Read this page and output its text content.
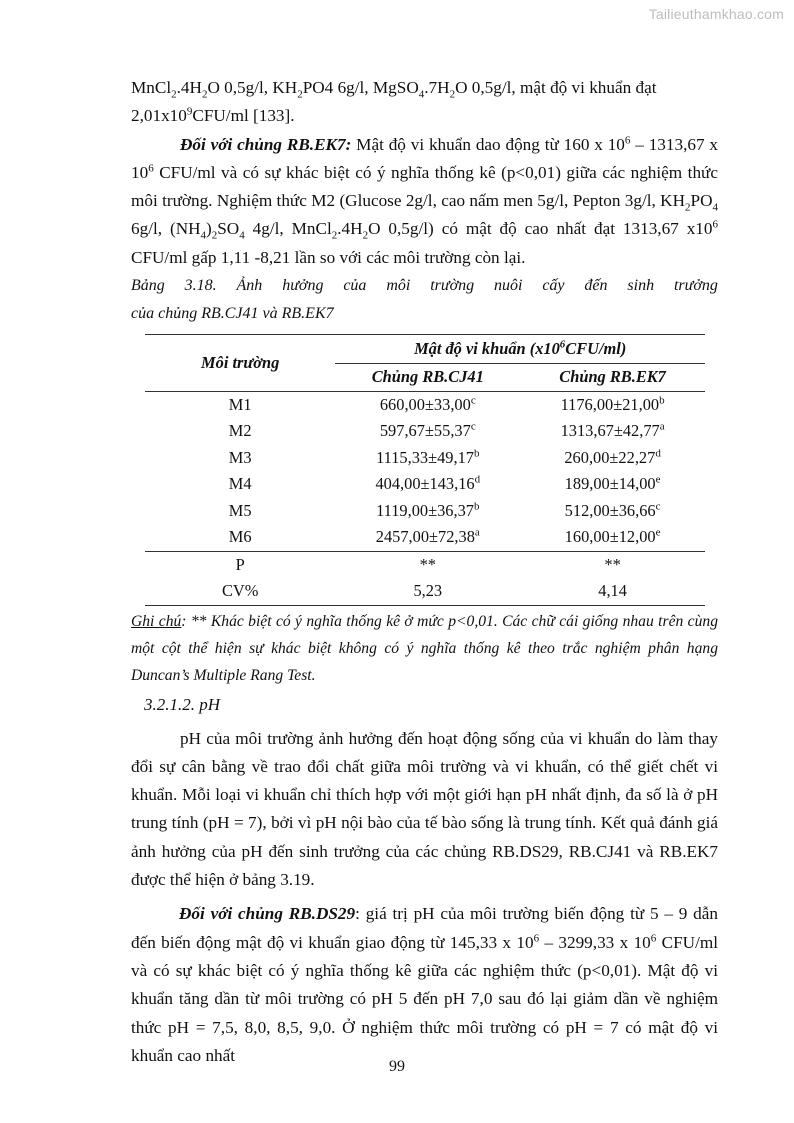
Tailieuthamkhao.com

$MnCl_2.4H_2O$ 0,5g/l, $KH_2PO4$ 6g/l, $MgSO_4.7H_2O$ 0,5g/l, mật độ vi khuẩn đạt
$2,01x10^9CFU/ml$ [133].

Đối với chủng RB.EK7: Mật độ vi khuẩn dao động từ 160 x $10^6 - 1313,67$ x $10^6$ CFU/ml và có sự khác biệt có ý nghĩa thống kê (p<0,01) giữa các nghiệm thức môi trường. Nghiệm thức M2 (Glucose 2g/l, cao nấm men 5g/l, Pepton 3g/l, $KH_2PO_4$ 6g/l, $(NH_4)_2SO_4$ 4g/l, $MnCl_2.4H_2O$ 0,5g/l) có mật độ cao nhất đạt 1313,67 $x10^6$ CFU/ml gấp 1,11 -8,21 lần so với các môi trường còn lại.

Bảng 3.18. Ảnh hưởng của môi trường nuôi cấy đến sinh trưởng
của chủng RB.CJ41 và RB.EK7
Môi trường	Mật độ vi khuẩn $(x10^6CFU/ml)$	
	Chủng RB.CJ41	Chủng RB.EK7
M1	660,00±33,00$^c$	1176,00±21,00$^b$
M2	597,67±55,37$^c$	1313,67±42,77$^a$
M3	1115,33±49,17$^b$	260,00±22,27$^d$
M4	404,00±143,16$^d$	189,00±14,00$^e$
M5	1119,00±36,37$^b$	512,00±36,66$^c$
M6	2457,00±72,38$^a$	160,00±12,00$^e$
P	**	**
CV%	5,23	4,14

Ghi chú: ** Khác biệt có ý nghĩa thống kê ở mức p<0,01. Các chữ cái giống nhau trên cùng một cột thể hiện sự khác biệt không có ý nghĩa thống kê theo trắc nghiệm phân hạng Duncan’s Multiple Rang Test.

3.2.1.2. pH

pH của môi trường ảnh hưởng đến hoạt động sống của vi khuẩn do làm thay đổi sự cân bằng về trao đổi chất giữa môi trường và vi khuẩn, có thể giết chết vi khuẩn. Mỗi loại vi khuẩn chỉ thích hợp với một giới hạn pH nhất định, đa số là ở pH trung tính (pH = 7), bởi vì pH nội bào của tế bào sống là trung tính. Kết quả đánh giá ảnh hưởng của pH đến sinh trưởng của các chủng RB.DS29, RB.CJ41 và RB.EK7 được thể hiện ở bảng 3.19.

Đối với chủng RB.DS29: giá trị pH của môi trường biến động từ 5 – 9 dẫn đến biến động mật độ vi khuẩn giao động từ 145,33 x $10^6 - 3299,33$ x $10^6$ CFU/ml và có sự khác biệt có ý nghĩa thống kê giữa các nghiệm thức (p<0,01). Mật độ vi khuẩn tăng dần từ môi trường có pH 5 đến pH 7,0 sau đó lại giảm dần về nghiệm thức pH = 7,5, 8,0, 8,5, 9,0. Ở nghiệm thức môi trường có pH = 7 có mật độ vi khuẩn cao nhất

99
